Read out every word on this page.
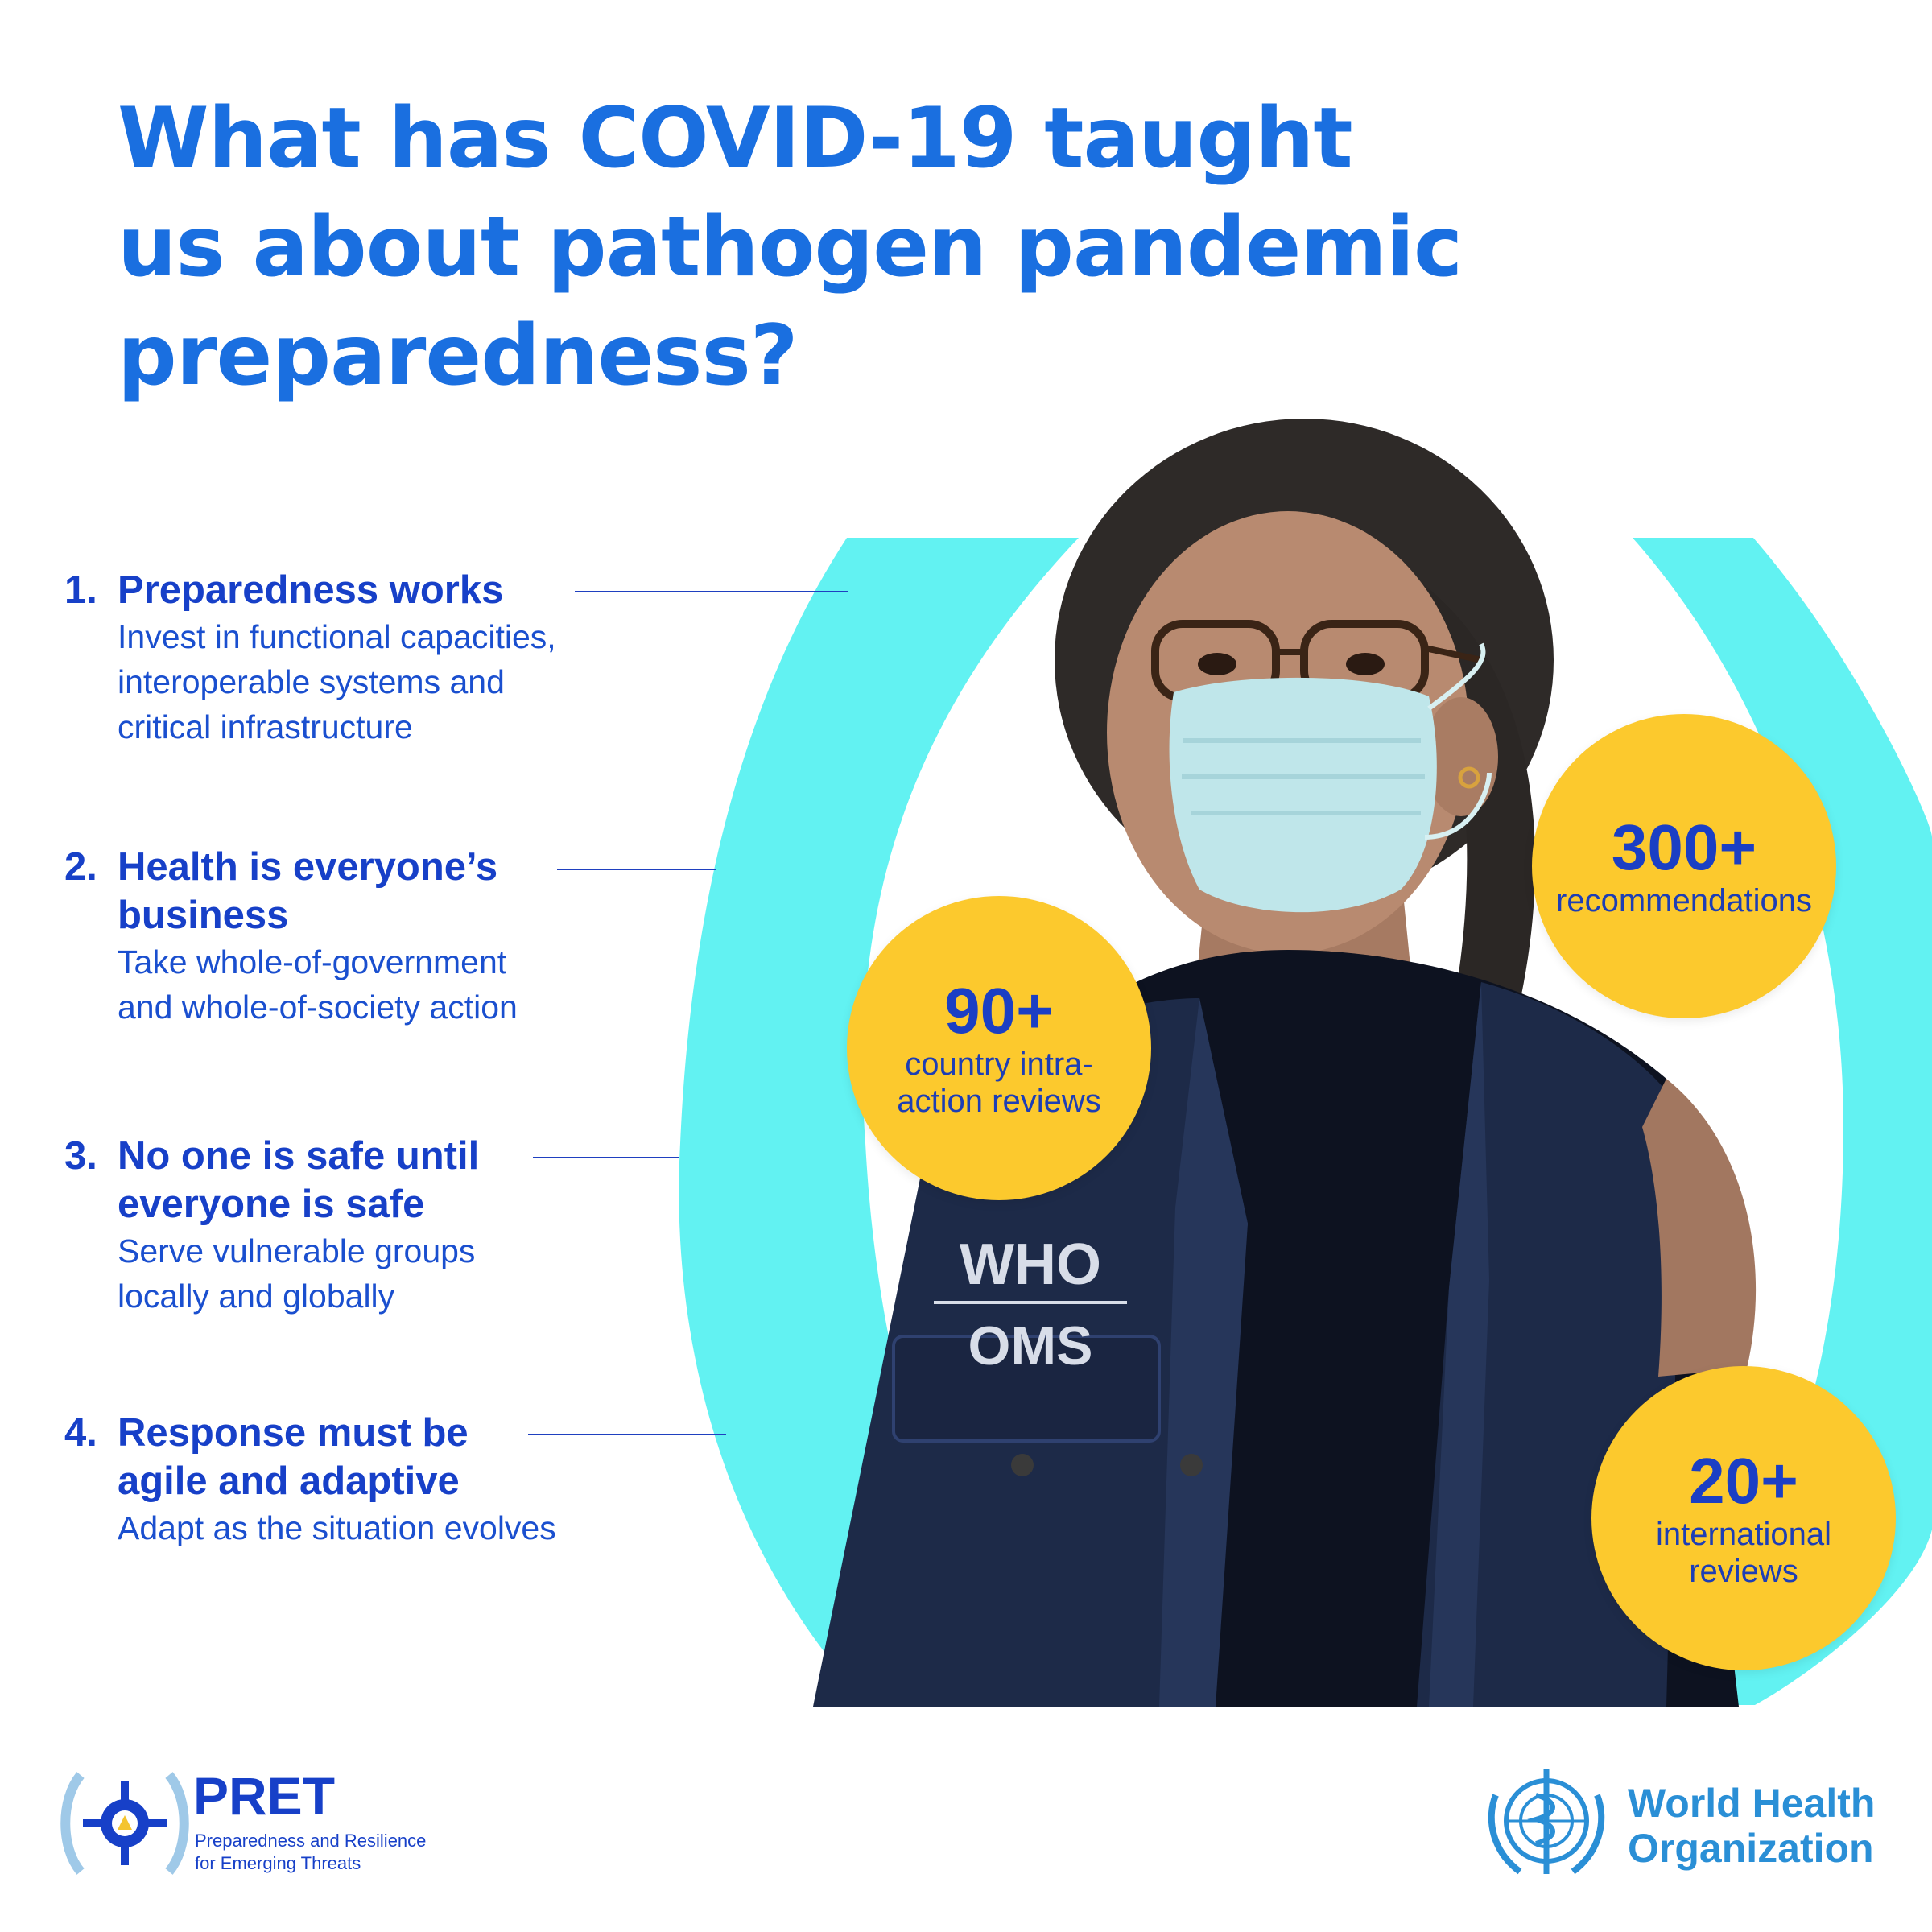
What has COVID-19 taught
us about pathogen pandemic
preparedness?
1. Preparedness works
Invest in functional capacities,
interoperable systems and
critical infrastructure
2. Health is everyone’s
business
Take whole-of-government
and whole-of-society action
3. No one is safe until
everyone is safe
Serve vulnerable groups
locally and globally
4. Response must be
agile and adaptive
Adapt as the situation evolves
WHO
OMS
300+
recommendations
90+
country intra-
action reviews
20+
international
reviews
PRET
Preparedness and Resilience
for Emerging Threats
World Health
Organization
